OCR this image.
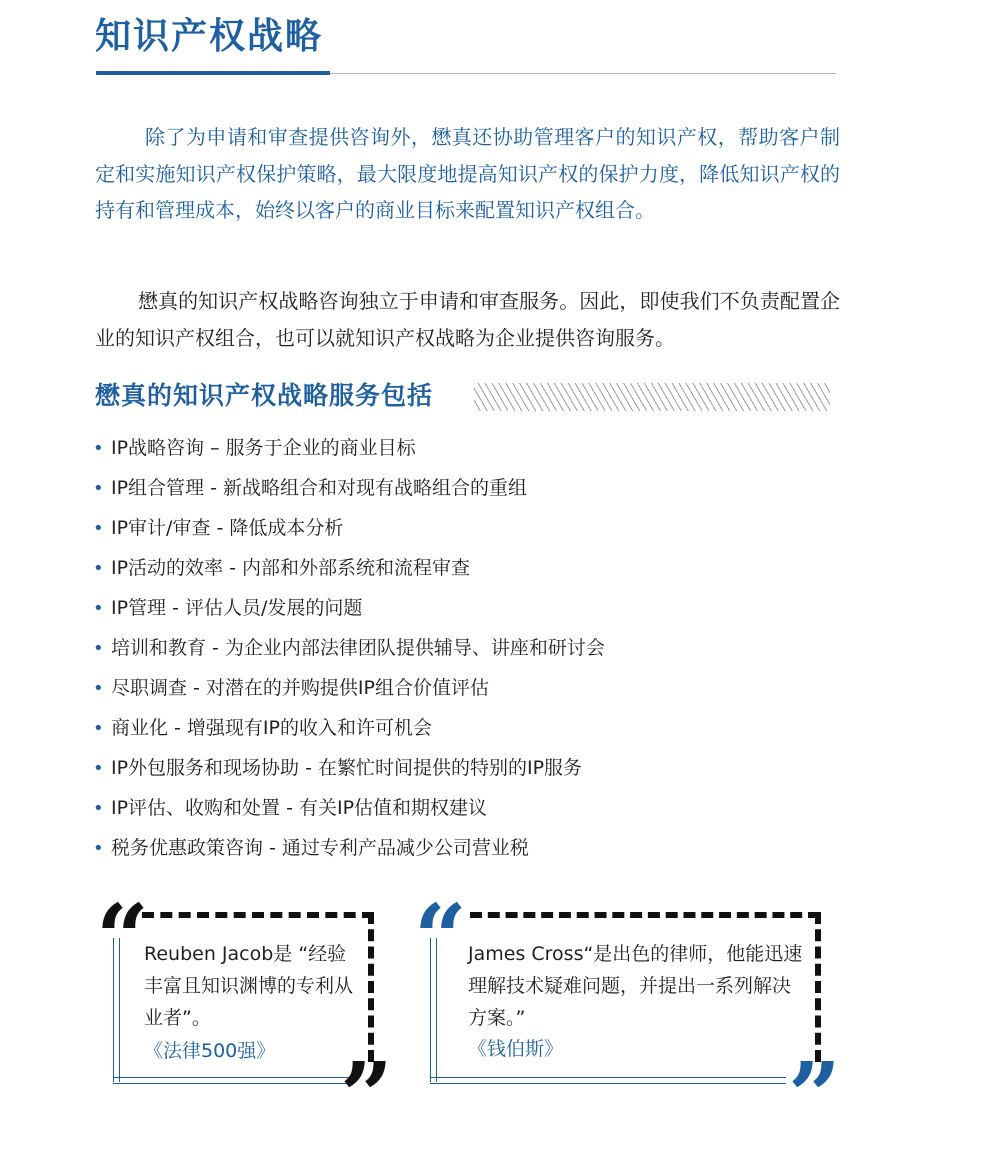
知识产权战略

除了为申请和审查提供咨询外，懋真还协助管理客户的知识产权，帮助客户制定和实施知识产权保护策略，最大限度地提高知识产权的保护力度，降低知识产权的持有和管理成本，始终以客户的商业目标来配置知识产权组合。

懋真的知识产权战略咨询独立于申请和审查服务。因此，即使我们不负责配置企业的知识产权组合，也可以就知识产权战略为企业提供咨询服务。

懋真的知识产权战略服务包括
• IP战略咨询 – 服务于企业的商业目标
• IP组合管理 - 新战略组合和对现有战略组合的重组
• IP审计/审查 - 降低成本分析
• IP活动的效率 - 内部和外部系统和流程审查
• IP管理 - 评估人员/发展的问题
• 培训和教育 - 为企业内部法律团队提供辅导、讲座和研讨会
• 尽职调查 - 对潜在的并购提供IP组合价值评估
• 商业化 - 增强现有IP的收入和许可机会
• IP外包服务和现场协助 - 在繁忙时间提供的特别的IP服务
• IP评估、收购和处置 - 有关IP估值和期权建议
• 税务优惠政策咨询 - 通过专利产品减少公司营业税
“
”

Reuben Jacob是 “经验丰富且知识渊博的专利从业者”。

《法律500强》
“
”

James Cross“是出色的律师，他能迅速理解技术疑难问题，并提出一系列解决方案。”

《钱伯斯》
